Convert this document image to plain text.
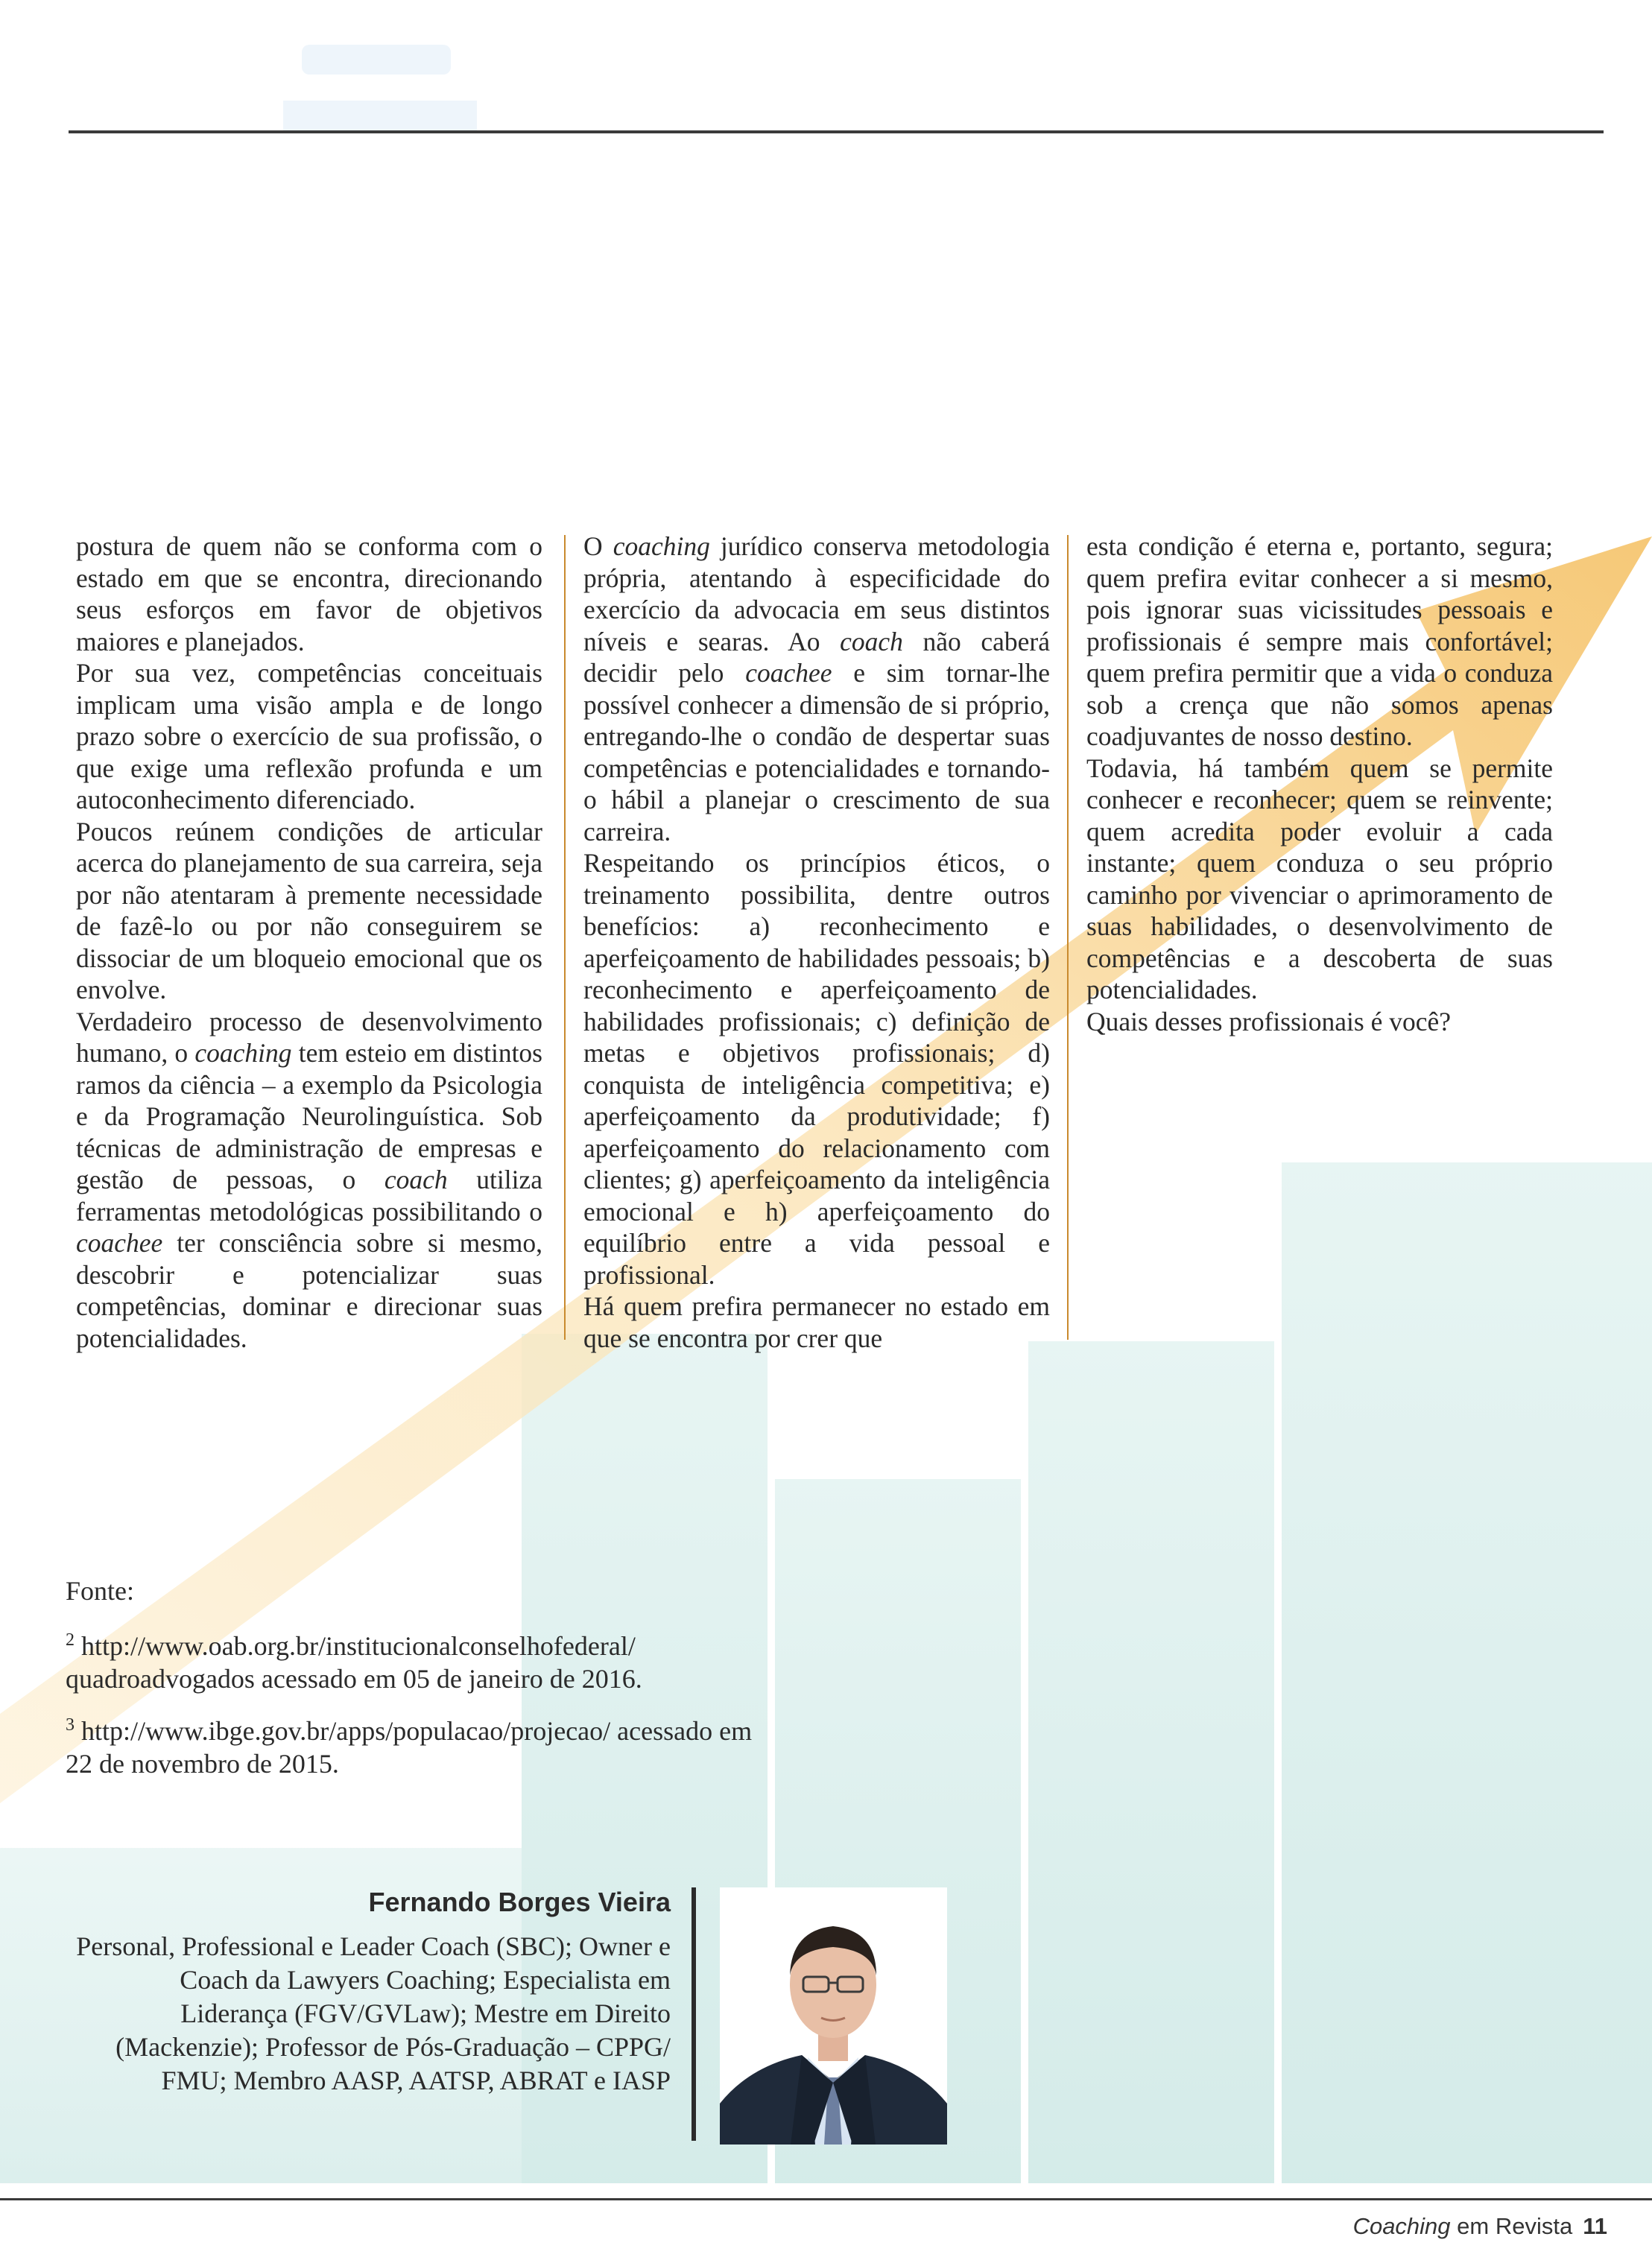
postura de quem não se conforma com o estado em que se encontra, direcionando seus esforços em favor de objetivos maiores e planejados.

Por sua vez, competências conceituais implicam uma visão ampla e de longo prazo sobre o exercício de sua profissão, o que exige uma reflexão profunda e um autoconhecimento diferenciado.

Poucos reúnem condições de articular acerca do planejamento de sua carreira, seja por não atentaram à premente necessidade de fazê-lo ou por não conseguirem se dissociar de um bloqueio emocional que os envolve.

Verdadeiro processo de desenvolvimento humano, o coaching tem esteio em distintos ramos da ciência – a exemplo da Psicologia e da Programação Neurolinguística. Sob técnicas de administração de empresas e gestão de pessoas, o coach utiliza ferramentas metodológicas possibilitando o coachee ter consciência sobre si mesmo, descobrir e potencializar suas competências, dominar e direcionar suas potencialidades.

O coaching jurídico conserva metodologia própria, atentando à especificidade do exercício da advocacia em seus distintos níveis e searas. Ao coach não caberá decidir pelo coachee e sim tornar-lhe possível conhecer a dimensão de si próprio, entregando-lhe o condão de despertar suas competências e potencialidades e tornando-o hábil a planejar o crescimento de sua carreira.

Respeitando os princípios éticos, o treinamento possibilita, dentre outros benefícios: a) reconhecimento e aperfeiçoamento de habilidades pessoais; b) reconhecimento e aperfeiçoamento de habilidades profissionais; c) definição de metas e objetivos profissionais; d) conquista de inteligência competitiva; e) aperfeiçoamento da produtividade; f) aperfeiçoamento do relacionamento com clientes; g) aperfeiçoamento da inteligência emocional e h) aperfeiçoamento do equilíbrio entre a vida pessoal e profissional.

Há quem prefira permanecer no estado em que se encontra por crer que

esta condição é eterna e, portanto, segura; quem prefira evitar conhecer a si mesmo, pois ignorar suas vicissitudes pessoais e profissionais é sempre mais confortável; quem prefira permitir que a vida o conduza sob a crença que não somos apenas coadjuvantes de nosso destino.

Todavia, há também quem se permite conhecer e reconhecer; quem se reinvente; quem acredita poder evoluir a cada instante; quem conduza o seu próprio caminho por vivenciar o aprimoramento de suas habilidades, o desenvolvimento de competências e a descoberta de suas potencialidades.

Quais desses profissionais é você?

Fonte:

$^2$ http://www.oab.org.br/institucionalconselhofederal/ quadroadvogados acessado em 05 de janeiro de 2016.

$^3$ http://www.ibge.gov.br/apps/populacao/projecao/ acessado em 22 de novembro de 2015.

Fernando Borges Vieira
Personal, Professional e Leader Coach (SBC); Owner e Coach da Lawyers Coaching; Especialista em Liderança (FGV/GVLaw); Mestre em Direito (Mackenzie); Professor de Pós-Graduação – CPPG/ FMU; Membro AASP, AATSP, ABRAT e IASP
Coaching em Revista 11
